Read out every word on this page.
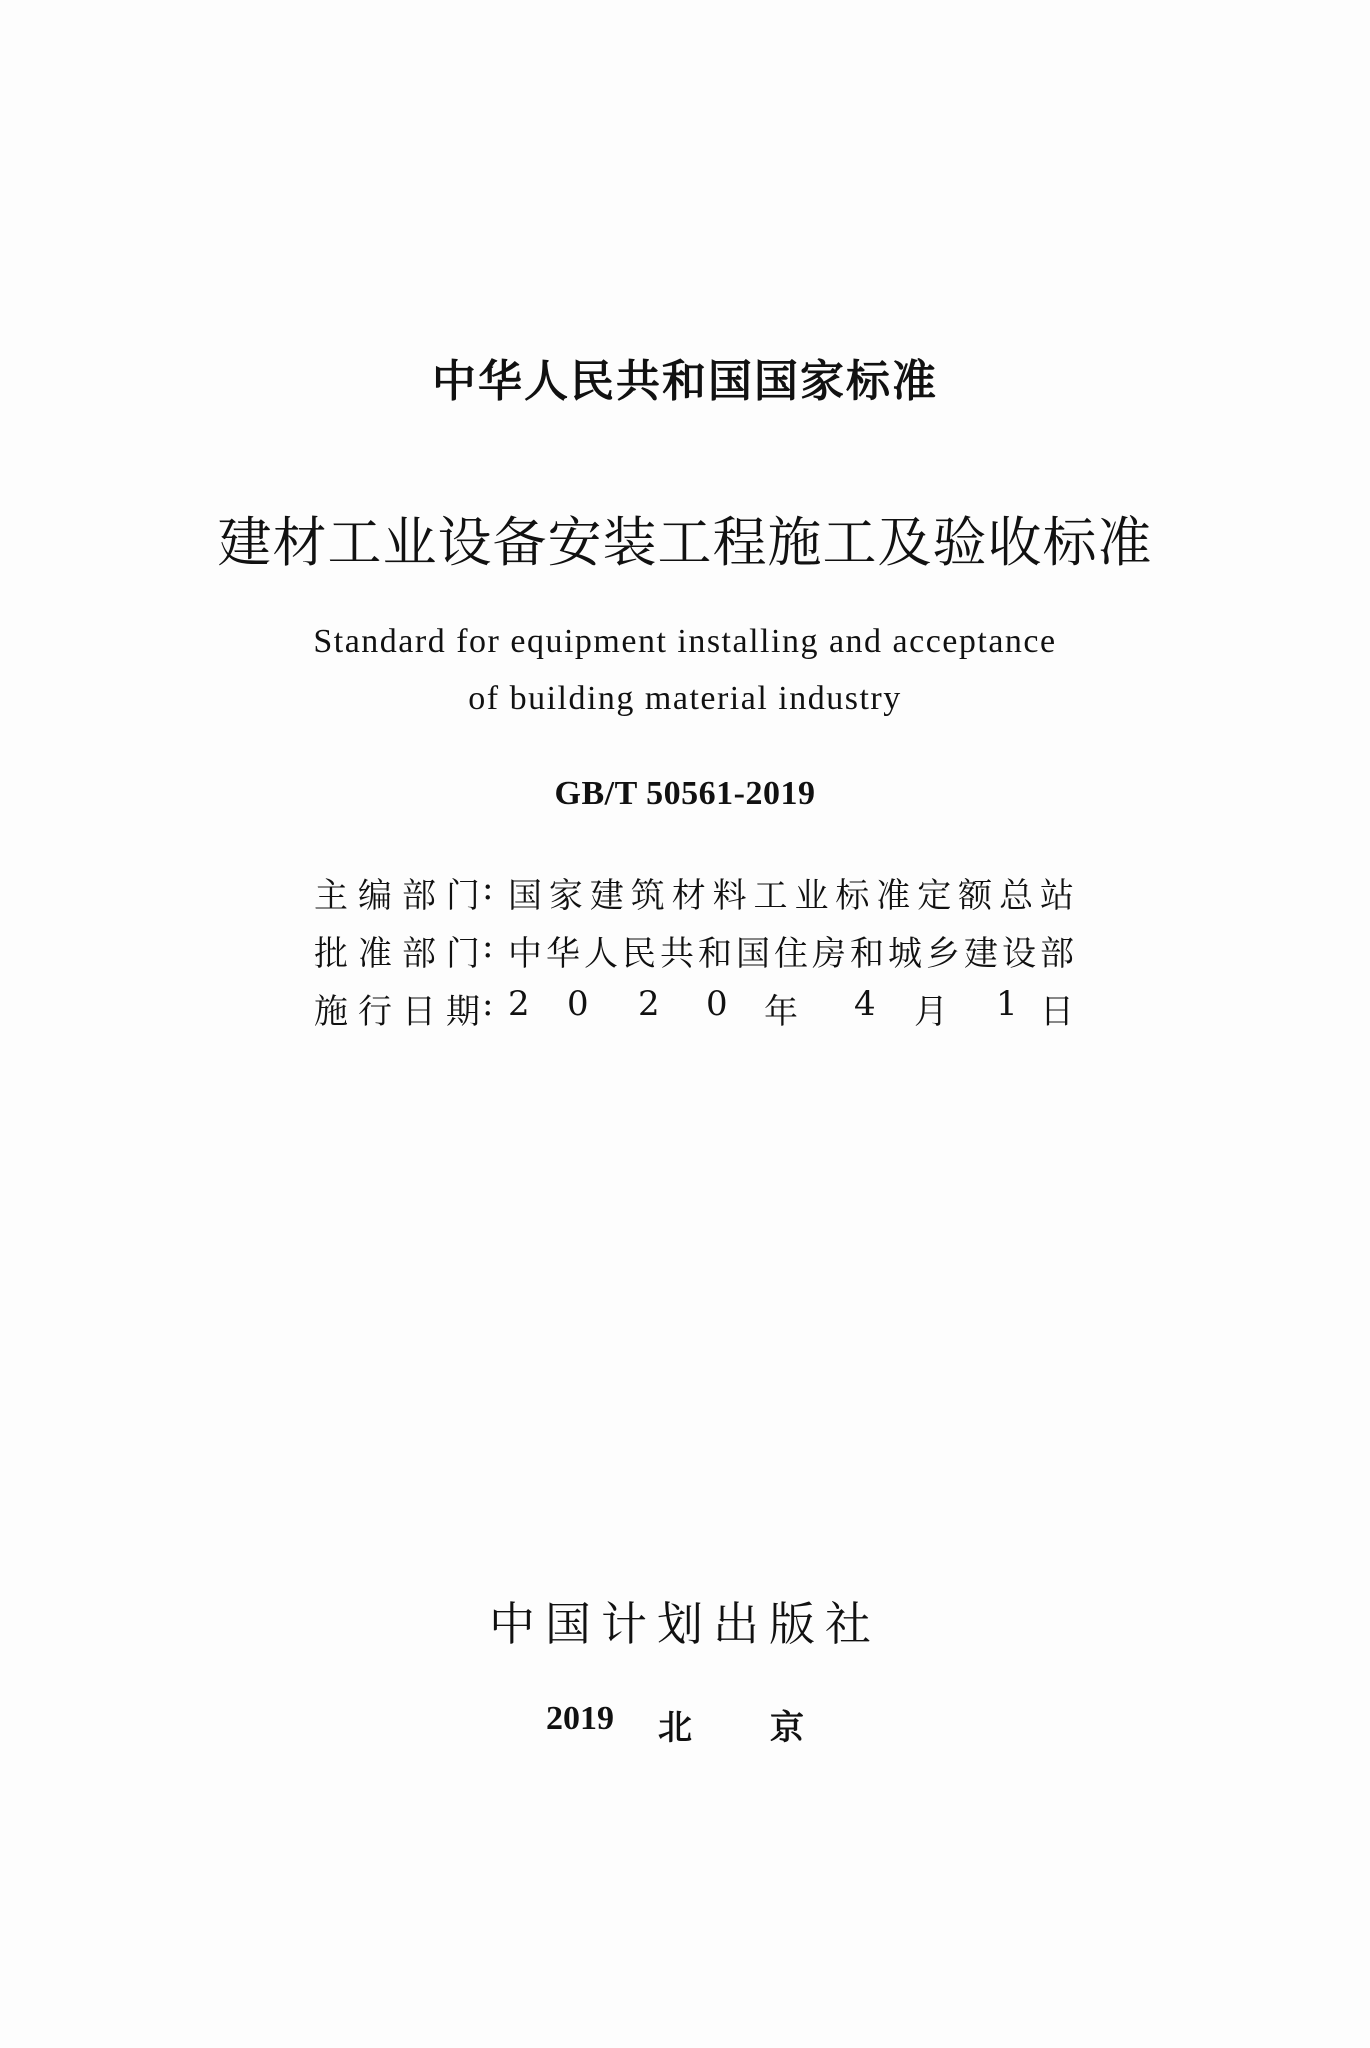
中华人民共和国国家标准
建材工业设备安装工程施工及验收标准
Standard for equipment installing and acceptance
of building material industry
GB/T 50561-2019
主编部门 : 国家建筑材料工业标准定额总站
批准部门 : 中华人民共和国住房和城乡建设部
施行日期 : 2 0 2 0 年 4 月 1 日
中国计划出版社
2019 北 京
